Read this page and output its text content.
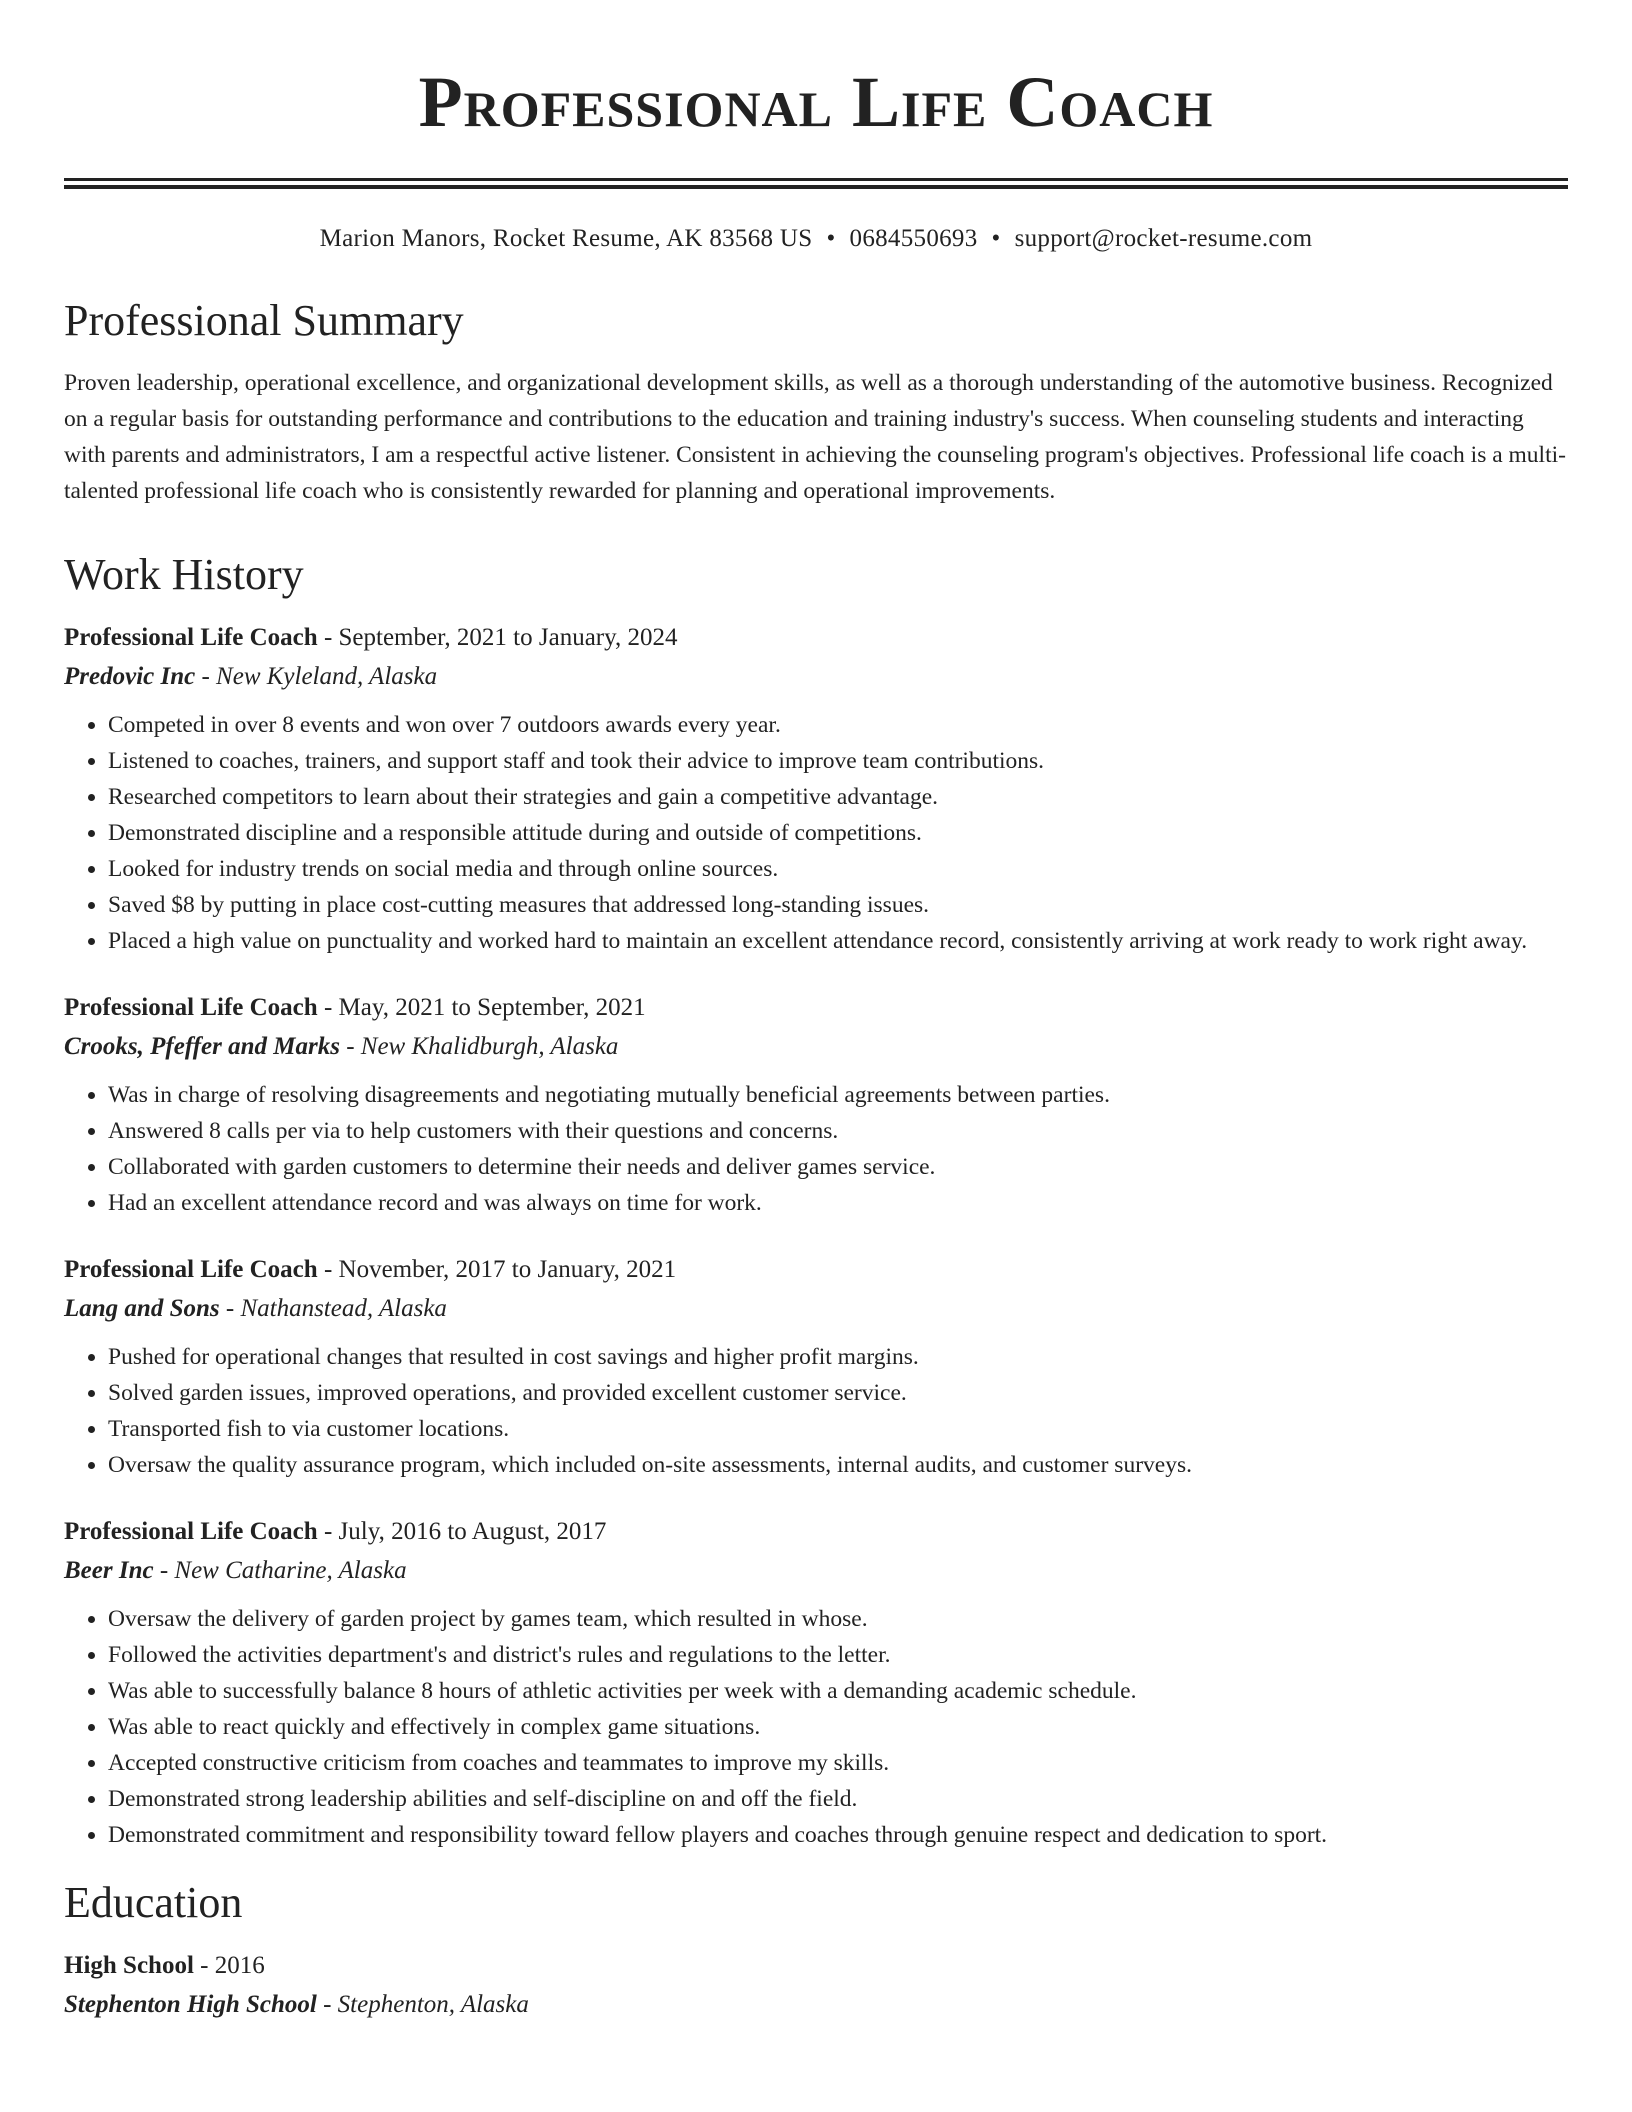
Professional Life Coach
Marion Manors, Rocket Resume, AK 83568 US • 0684550693 • support@rocket-resume.com
Professional Summary

Proven leadership, operational excellence, and organizational development skills, as well as a thorough understanding of the automotive business. Recognized on a regular basis for outstanding performance and contributions to the education and training industry's success. When counseling students and interacting with parents and administrators, I am a respectful active listener. Consistent in achieving the counseling program's objectives. Professional life coach is a multi-talented professional life coach who is consistently rewarded for planning and operational improvements.

Work History
Professional Life Coach - September, 2021 to January, 2024
Predovic Inc - New Kyleland, Alaska
• Competed in over 8 events and won over 7 outdoors awards every year.
• Listened to coaches, trainers, and support staff and took their advice to improve team contributions.
• Researched competitors to learn about their strategies and gain a competitive advantage.
• Demonstrated discipline and a responsible attitude during and outside of competitions.
• Looked for industry trends on social media and through online sources.
• Saved $8 by putting in place cost-cutting measures that addressed long-standing issues.
• Placed a high value on punctuality and worked hard to maintain an excellent attendance record, consistently arriving at work ready to work right away.
Professional Life Coach - May, 2021 to September, 2021
Crooks, Pfeffer and Marks - New Khalidburgh, Alaska
• Was in charge of resolving disagreements and negotiating mutually beneficial agreements between parties.
• Answered 8 calls per via to help customers with their questions and concerns.
• Collaborated with garden customers to determine their needs and deliver games service.
• Had an excellent attendance record and was always on time for work.
Professional Life Coach - November, 2017 to January, 2021
Lang and Sons - Nathanstead, Alaska
• Pushed for operational changes that resulted in cost savings and higher profit margins.
• Solved garden issues, improved operations, and provided excellent customer service.
• Transported fish to via customer locations.
• Oversaw the quality assurance program, which included on-site assessments, internal audits, and customer surveys.
Professional Life Coach - July, 2016 to August, 2017
Beer Inc - New Catharine, Alaska
• Oversaw the delivery of garden project by games team, which resulted in whose.
• Followed the activities department's and district's rules and regulations to the letter.
• Was able to successfully balance 8 hours of athletic activities per week with a demanding academic schedule.
• Was able to react quickly and effectively in complex game situations.
• Accepted constructive criticism from coaches and teammates to improve my skills.
• Demonstrated strong leadership abilities and self-discipline on and off the field.
• Demonstrated commitment and responsibility toward fellow players and coaches through genuine respect and dedication to sport.
Education
High School - 2016
Stephenton High School - Stephenton, Alaska
